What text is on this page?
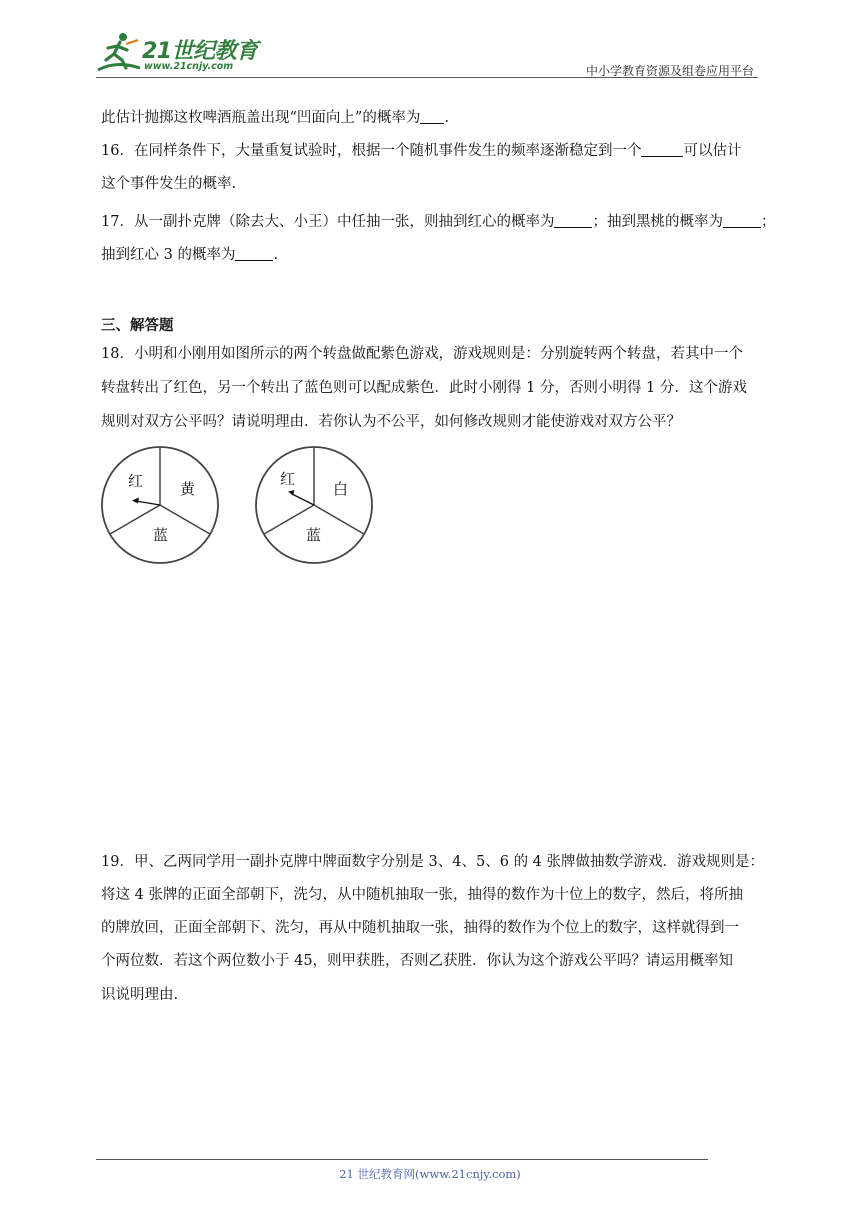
21世纪教育
www.21cnjy.com	中小学教育资源及组卷应用平台
此估计抛掷这枚啤酒瓶盖出现“凹面向上”的概率为 .
16．在同样条件下，大量重复试验时，根据一个随机事件发生的频率逐渐稳定到一个	可以估计
这个事件发生的概率.
17．从一副扑克牌（除去大、小王）中任抽一张，则抽到红心的概率为	；抽到黑桃的概率为	；
抽到红心 3 的概率为	.
三、解答题
18．小明和小刚用如图所示的两个转盘做配紫色游戏，游戏规则是：分别旋转两个转盘，若其中一个
转盘转出了红色，另一个转出了蓝色则可以配成紫色．此时小刚得 1 分，否则小明得 1 分．这个游戏
规则对双方公平吗？请说明理由．若你认为不公平，如何修改规则才能使游戏对双方公平？
红 黄
蓝
红
白
蓝
19．甲、乙两同学用一副扑克牌中牌面数字分别是 3、4、5、6 的 4 张牌做抽数学游戏．游戏规则是：
将这 4 张牌的正面全部朝下，洗匀，从中随机抽取一张，抽得的数作为十位上的数字，然后，将所抽
的牌放回，正面全部朝下、洗匀，再从中随机抽取一张，抽得的数作为个位上的数字，这样就得到一
个两位数．若这个两位数小于 45，则甲获胜，否则乙获胜．你认为这个游戏公平吗？请运用概率知
识说明理由.
21 世纪教育网(www.21cnjy.com)
